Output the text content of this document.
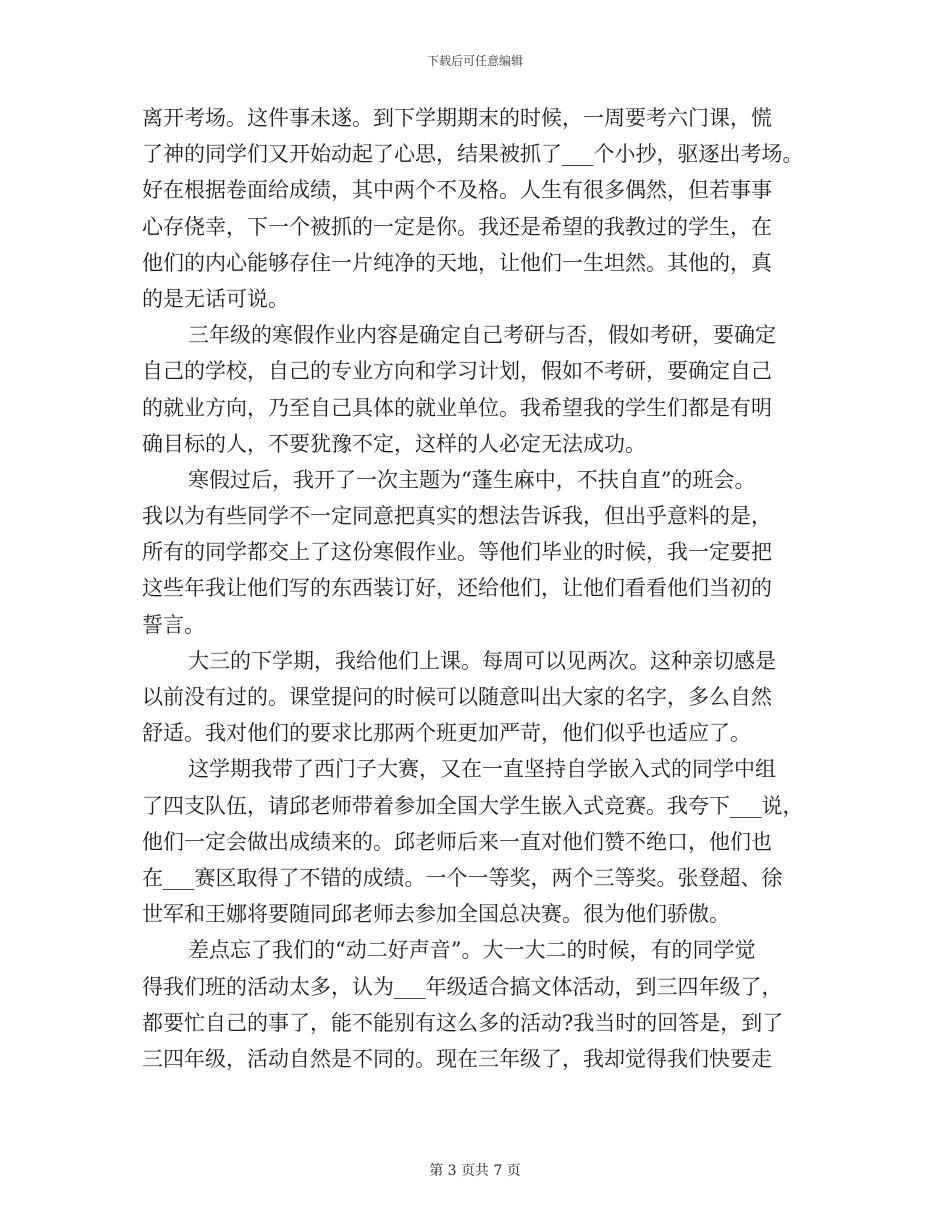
下载后可任意编辑
离开考场。这件事未遂。到下学期期末的时候，一周要考六门课，慌
了神的同学们又开始动起了心思，结果被抓了___个小抄，驱逐出考场。
好在根据卷面给成绩，其中两个不及格。人生有很多偶然，但若事事
心存侥幸，下一个被抓的一定是你。我还是希望的我教过的学生，在
他们的内心能够存住一片纯净的天地，让他们一生坦然。其他的，真
的是无话可说。
三年级的寒假作业内容是确定自己考研与否，假如考研，要确定
自己的学校，自己的专业方向和学习计划，假如不考研，要确定自己
的就业方向，乃至自己具体的就业单位。我希望我的学生们都是有明
确目标的人，不要犹豫不定，这样的人必定无法成功。
寒假过后，我开了一次主题为“蓬生麻中，不扶自直”的班会。
我以为有些同学不一定同意把真实的想法告诉我，但出乎意料的是，
所有的同学都交上了这份寒假作业。等他们毕业的时候，我一定要把
这些年我让他们写的东西装订好，还给他们，让他们看看他们当初的
誓言。
大三的下学期，我给他们上课。每周可以见两次。这种亲切感是
以前没有过的。课堂提问的时候可以随意叫出大家的名字，多么自然
舒适。我对他们的要求比那两个班更加严苛，他们似乎也适应了。
这学期我带了西门子大赛，又在一直坚持自学嵌入式的同学中组
了四支队伍，请邱老师带着参加全国大学生嵌入式竞赛。我夸下___说，
他们一定会做出成绩来的。邱老师后来一直对他们赞不绝口，他们也
在___赛区取得了不错的成绩。一个一等奖，两个三等奖。张登超、徐
世军和王娜将要随同邱老师去参加全国总决赛。很为他们骄傲。
差点忘了我们的“动二好声音”。大一大二的时候，有的同学觉
得我们班的活动太多，认为___年级适合搞文体活动，到三四年级了，
都要忙自己的事了，能不能别有这么多的活动?我当时的回答是，到了
三四年级，活动自然是不同的。现在三年级了，我却觉得我们快要走
第 3 页共 7 页
